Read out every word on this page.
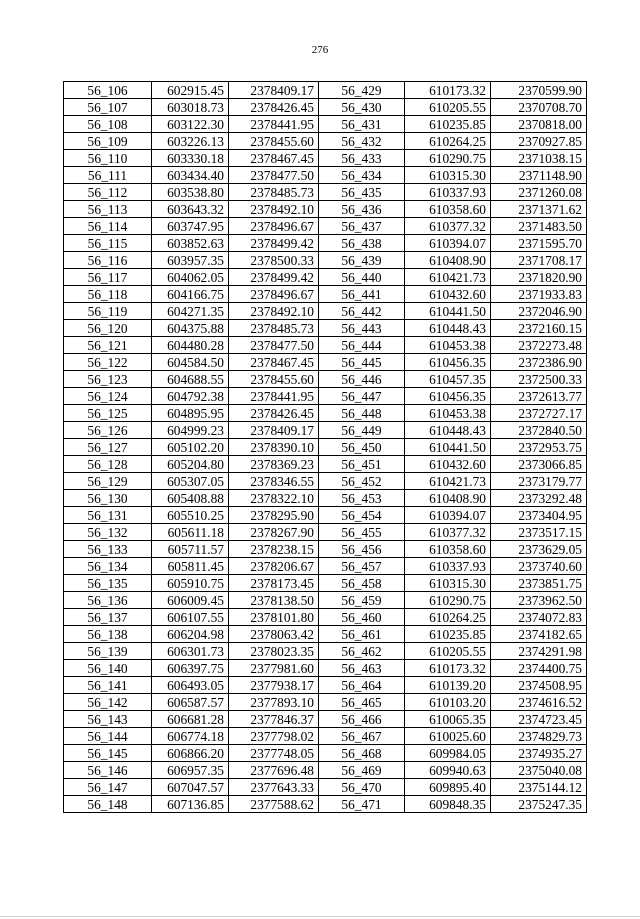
276
56_106	602915.45	2378409.17	56_429	610173.32	2370599.90
56_107	603018.73	2378426.45	56_430	610205.55	2370708.70
56_108	603122.30	2378441.95	56_431	610235.85	2370818.00
56_109	603226.13	2378455.60	56_432	610264.25	2370927.85
56_110	603330.18	2378467.45	56_433	610290.75	2371038.15
56_111	603434.40	2378477.50	56_434	610315.30	2371148.90
56_112	603538.80	2378485.73	56_435	610337.93	2371260.08
56_113	603643.32	2378492.10	56_436	610358.60	2371371.62
56_114	603747.95	2378496.67	56_437	610377.32	2371483.50
56_115	603852.63	2378499.42	56_438	610394.07	2371595.70
56_116	603957.35	2378500.33	56_439	610408.90	2371708.17
56_117	604062.05	2378499.42	56_440	610421.73	2371820.90
56_118	604166.75	2378496.67	56_441	610432.60	2371933.83
56_119	604271.35	2378492.10	56_442	610441.50	2372046.90
56_120	604375.88	2378485.73	56_443	610448.43	2372160.15
56_121	604480.28	2378477.50	56_444	610453.38	2372273.48
56_122	604584.50	2378467.45	56_445	610456.35	2372386.90
56_123	604688.55	2378455.60	56_446	610457.35	2372500.33
56_124	604792.38	2378441.95	56_447	610456.35	2372613.77
56_125	604895.95	2378426.45	56_448	610453.38	2372727.17
56_126	604999.23	2378409.17	56_449	610448.43	2372840.50
56_127	605102.20	2378390.10	56_450	610441.50	2372953.75
56_128	605204.80	2378369.23	56_451	610432.60	2373066.85
56_129	605307.05	2378346.55	56_452	610421.73	2373179.77
56_130	605408.88	2378322.10	56_453	610408.90	2373292.48
56_131	605510.25	2378295.90	56_454	610394.07	2373404.95
56_132	605611.18	2378267.90	56_455	610377.32	2373517.15
56_133	605711.57	2378238.15	56_456	610358.60	2373629.05
56_134	605811.45	2378206.67	56_457	610337.93	2373740.60
56_135	605910.75	2378173.45	56_458	610315.30	2373851.75
56_136	606009.45	2378138.50	56_459	610290.75	2373962.50
56_137	606107.55	2378101.80	56_460	610264.25	2374072.83
56_138	606204.98	2378063.42	56_461	610235.85	2374182.65
56_139	606301.73	2378023.35	56_462	610205.55	2374291.98
56_140	606397.75	2377981.60	56_463	610173.32	2374400.75
56_141	606493.05	2377938.17	56_464	610139.20	2374508.95
56_142	606587.57	2377893.10	56_465	610103.20	2374616.52
56_143	606681.28	2377846.37	56_466	610065.35	2374723.45
56_144	606774.18	2377798.02	56_467	610025.60	2374829.73
56_145	606866.20	2377748.05	56_468	609984.05	2374935.27
56_146	606957.35	2377696.48	56_469	609940.63	2375040.08
56_147	607047.57	2377643.33	56_470	609895.40	2375144.12
56_148	607136.85	2377588.62	56_471	609848.35	2375247.35
